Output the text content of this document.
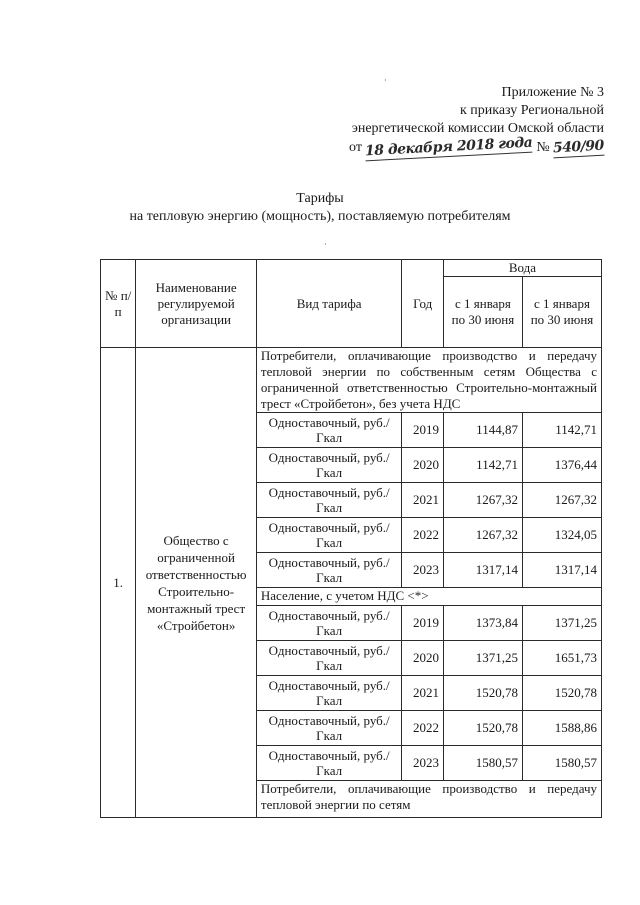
·
·
Приложение № 3
к приказу Региональной
энергетической комиссии Омской области
от 18 декабря 2018 года № 540/90
Тарифы
на тепловую энергию (мощность), поставляемую потребителям
№ п/п	Наименование регулируемой организации	Вид тарифа	Год	Вода	
				с 1 января по 30 июня	с 1 января по 30 июня
1.	Общество с ограниченной ответственностью Строительно-монтажный трест «Стройбетон»	Потребители, оплачивающие производство и передачу тепловой энергии по собственным сетям Общества с ограниченной ответственностью Строительно-монтажный трест «Стройбетон», без учета НДС			
		Одноставочный, руб./Гкал	2019	1144,87	1142,71
		Одноставочный, руб./Гкал	2020	1142,71	1376,44
		Одноставочный, руб./Гкал	2021	1267,32	1267,32
		Одноставочный, руб./Гкал	2022	1267,32	1324,05
		Одноставочный, руб./Гкал	2023	1317,14	1317,14
		Население, с учетом НДС <*>			
		Одноставочный, руб./Гкал	2019	1373,84	1371,25
		Одноставочный, руб./Гкал	2020	1371,25	1651,73
		Одноставочный, руб./Гкал	2021	1520,78	1520,78
		Одноставочный, руб./Гкал	2022	1520,78	1588,86
		Одноставочный, руб./Гкал	2023	1580,57	1580,57
		Потребители, оплачивающие производство и передачу тепловой энергии по сетям			
